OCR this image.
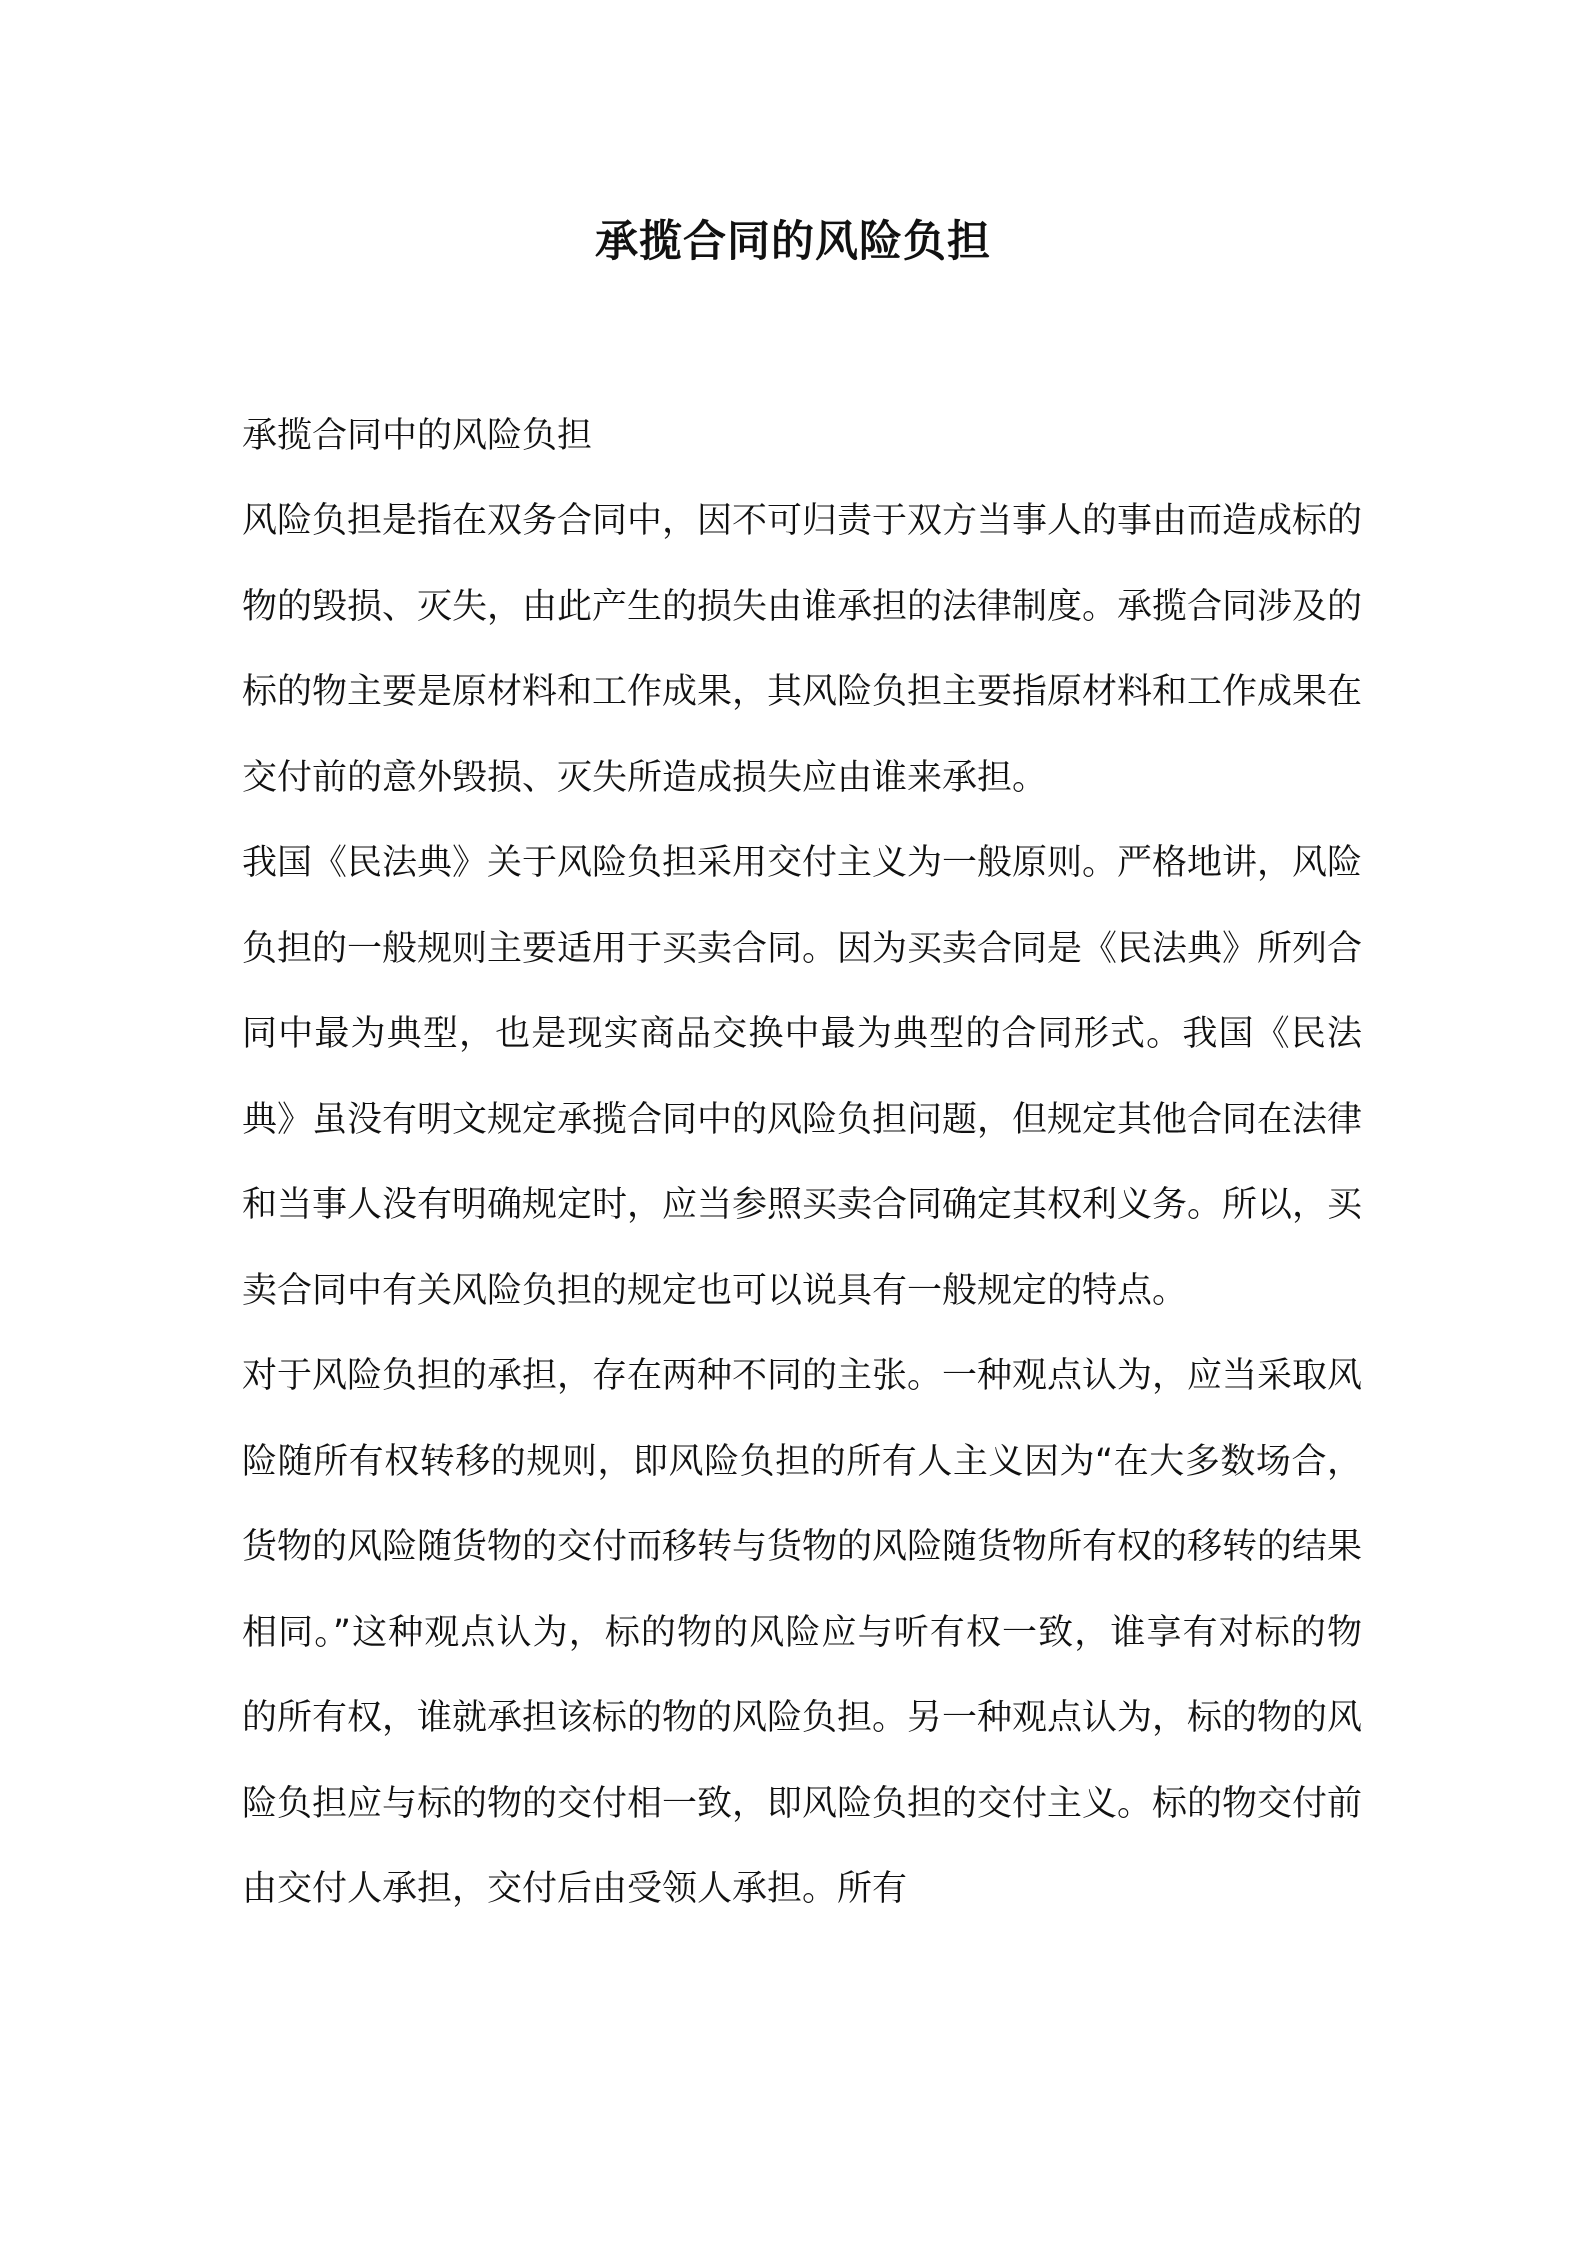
承揽合同的风险负担
承揽合同中的风险负担

风险负担是指在双务合同中，因不可归责于双方当事人的事由而造成标的物的毁损、灭失，由此产生的损失由谁承担的法律制度。承揽合同涉及的标的物主要是原材料和工作成果，其风险负担主要指原材料和工作成果在交付前的意外毁损、灭失所造成损失应由谁来承担。

我国《民法典》关于风险负担采用交付主义为一般原则。严格地讲，风险负担的一般规则主要适用于买卖合同。因为买卖合同是《民法典》所列合同中最为典型，也是现实商品交换中最为典型的合同形式。我国《民法典》虽没有明文规定承揽合同中的风险负担问题，但规定其他合同在法律和当事人没有明确规定时，应当参照买卖合同确定其权利义务。所以，买卖合同中有关风险负担的规定也可以说具有一般规定的特点。

对于风险负担的承担，存在两种不同的主张。一种观点认为，应当采取风险随所有权转移的规则，即风险负担的所有人主义因为“在大多数场合，货物的风险随货物的交付而移转与货物的风险随货物所有权的移转的结果相同。”这种观点认为，标的物的风险应与听有权一致，谁享有对标的物的所有权，谁就承担该标的物的风险负担。另一种观点认为，标的物的风险负担应与标的物的交付相一致，即风险负担的交付主义。标的物交付前由交付人承担，交付后由受领人承担。所有
